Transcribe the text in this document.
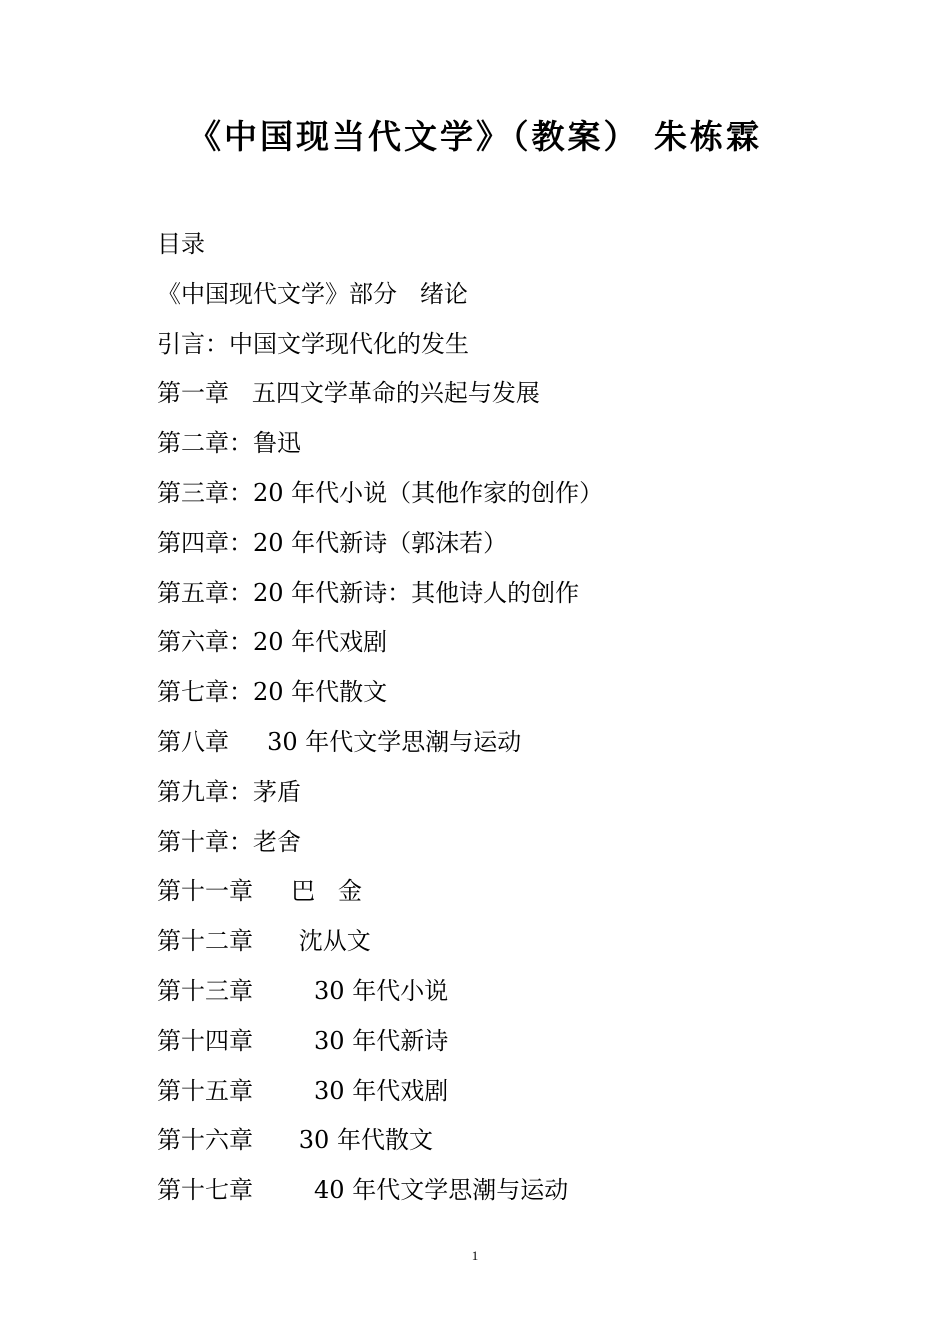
《中国现当代文学》（教案） 朱栋霖
目录
《中国现代文学》部分   绪论
引言：中国文学现代化的发生
第一章   五四文学革命的兴起与发展
第二章：鲁迅
第三章：20 年代小说（其他作家的创作）
第四章：20 年代新诗（郭沫若）
第五章：20 年代新诗：其他诗人的创作
第六章：20 年代戏剧
第七章：20 年代散文
第八章     30 年代文学思潮与运动
第九章：茅盾
第十章：老舍
第十一章     巴   金
第十二章      沈从文
第十三章        30 年代小说
第十四章        30 年代新诗
第十五章        30 年代戏剧
第十六章      30 年代散文
第十七章        40 年代文学思潮与运动
1
